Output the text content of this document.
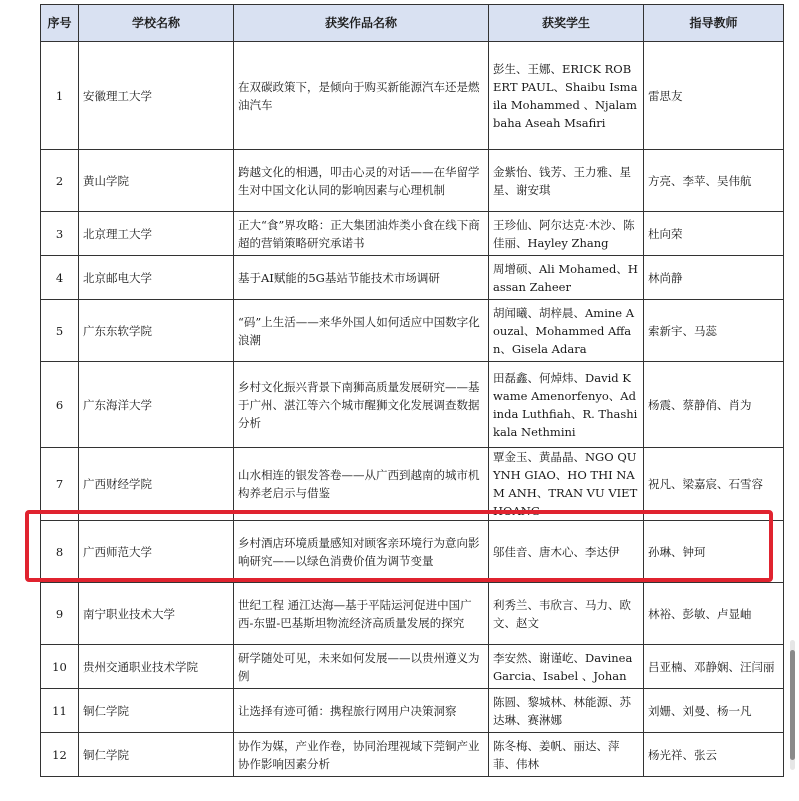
序号	学校名称	获奖作品名称	获奖学生	指导教师
1	安徽理工大学	在双碳政策下，是倾向于购买新能源汽车还是燃油汽车	彭生、王娜、ERICK ROBERT PAUL、Shaibu Ismaila Mohammed 、Njalambaha Aseah Msafiri	雷思友
2	黄山学院	跨越文化的相遇，叩击心灵的对话——在华留学生对中国文化认同的影响因素与心理机制	金紫怡、钱芳、王力雅、星星、谢安琪	方亮、李苹、吴伟航
3	北京理工大学	正大“食”界攻略：正大集团油炸类小食在线下商超的营销策略研究承诺书	王珍仙、阿尔达克·木沙、陈佳丽、Hayley Zhang	杜向荣
4	北京邮电大学	基于AI赋能的5G基站节能技术市场调研	周增硕、Ali Mohamed、Hassan Zaheer	林尚静
5	广东东软学院	“码”上生活——来华外国人如何适应中国数字化浪潮	胡闻曦、胡梓晨、Amine Aouzal、Mohammed Affan、Gisela Adara	索新宇、马蕊
6	广东海洋大学	乡村文化振兴背景下南狮高质量发展研究——基于广州、湛江等六个城市醒狮文化发展调查数据分析	田磊鑫、何焯炜、David Kwame Amenorfenyo、Adinda Luthfiah、R. Thashikala Nethmini	杨震、蔡静俏、肖为
7	广西财经学院	山水相连的银发答卷——从广西到越南的城市机构养老启示与借鉴	覃金玉、黄晶晶、NGO QUYNH GIAO、HO THI NAM ANH、TRAN VU VIET HOANG	祝凡、梁嘉宸、石雪容
8	广西师范大学	乡村酒店环境质量感知对顾客亲环境行为意向影响研究——以绿色消费价值为调节变量	邬佳音、唐木心、李达伊	孙琳、钟珂
9	南宁职业技术大学	世纪工程 通江达海—基于平陆运河促进中国广西-东盟-巴基斯坦物流经济高质量发展的探究	利秀兰、韦欣言、马力、欧文、赵文	林裕、彭敏、卢显岫
10	贵州交通职业技术学院	研学随处可见，未来如何发展——以贵州遵义为例	李安然、谢谨屹、Davinea Garcia、Isabel 、Johan	吕亚楠、邓静娴、汪闫丽
11	铜仁学院	让选择有迹可循：携程旅行网用户决策洞察	陈圆、黎城林、林能源、苏达琳、赛淋娜	刘姗、刘曼、杨一凡
12	铜仁学院	协作为媒，产业作卷，协同治理视域下莞铜产业协作影响因素分析	陈冬梅、姜帆、丽达、萍菲、伟林	杨光祥、张云
